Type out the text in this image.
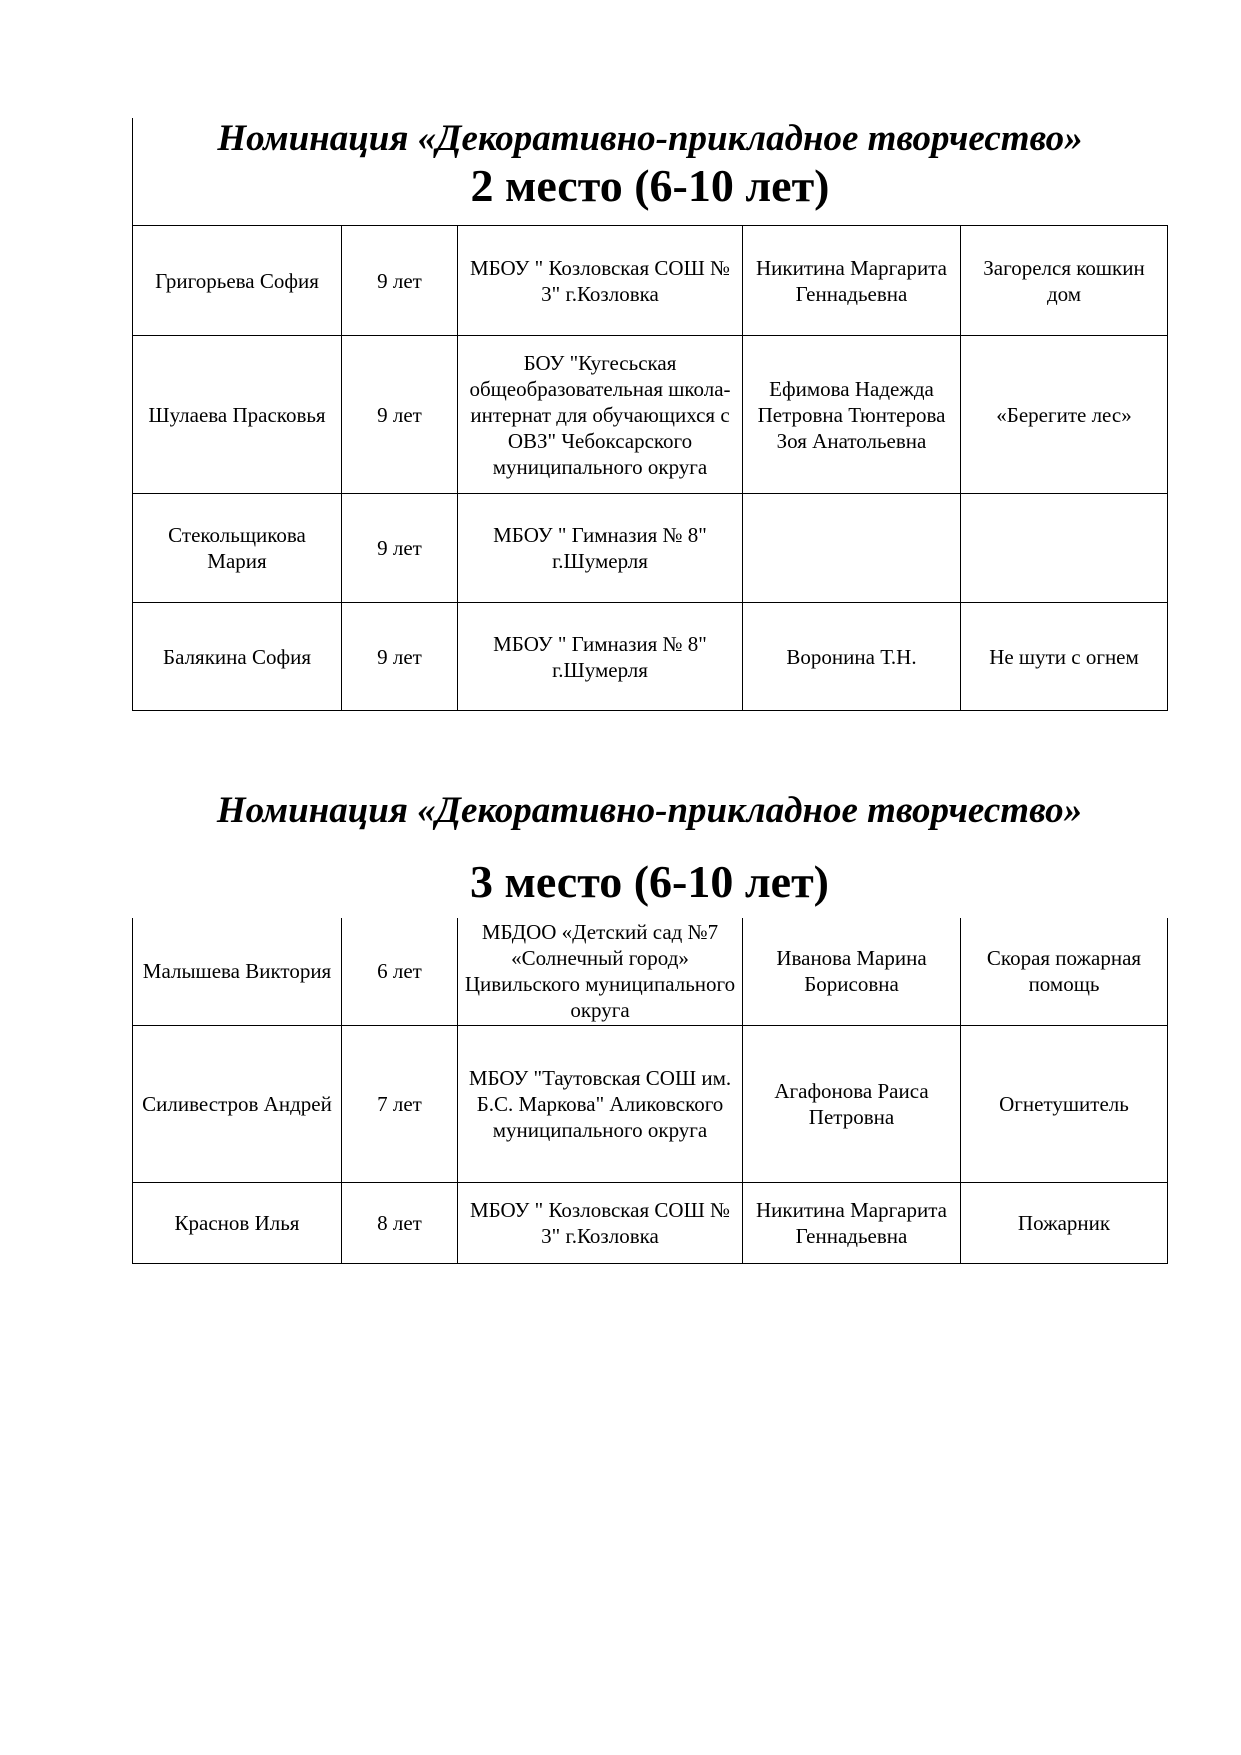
Номинация «Декоративно-прикладное творчество»
2 место (6-10 лет)
Григорьева София	9 лет	МБОУ " Козловская СОШ № 3" г.Козловка	Никитина Маргарита Геннадьевна	Загорелся кошкин дом
Шулаева Прасковья	9 лет	БОУ "Кугесьская общеобразовательная школа-интернат для обучающихся с ОВЗ" Чебоксарского муниципального округа	Ефимова Надежда Петровна Тюнтерова Зоя Анатольевна	«Берегите лес»
Стекольщикова Мария	9 лет	МБОУ " Гимназия № 8" г.Шумерля		
Балякина София	9 лет	МБОУ " Гимназия № 8" г.Шумерля	Воронина Т.Н.	Не шути с огнем
Номинация «Декоративно-прикладное творчество»
3 место (6-10 лет)
Малышева Виктория	6 лет	МБДОО «Детский сад №7 «Солнечный город» Цивильского муниципального округа	Иванова Марина Борисовна	Скорая пожарная помощь
Силивестров Андрей	7 лет	МБОУ "Таутовская СОШ им. Б.С. Маркова" Аликовского муниципального округа	Агафонова Раиса Петровна	Огнетушитель
Краснов Илья	8 лет	МБОУ " Козловская СОШ № 3" г.Козловка	Никитина Маргарита Геннадьевна	Пожарник
